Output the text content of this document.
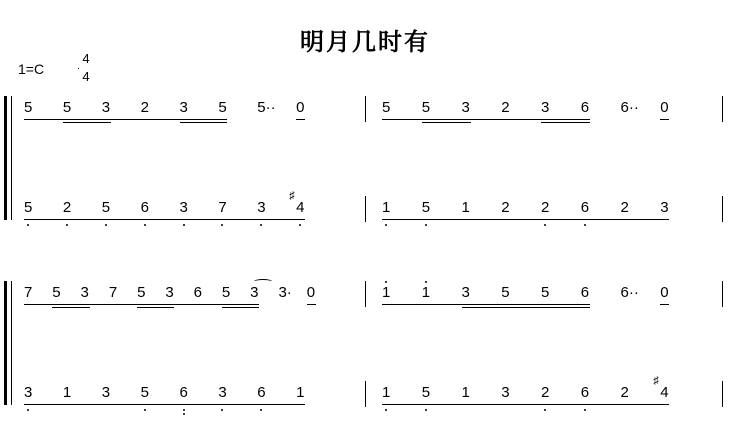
明月几时有
1=C
4
4
5 5 3 2 3 5 5·· 0	5 5 3 2 3 6 6·· 0
5 2 5 6 3 7 3 4
♯
1 5 1 2 2 6 2 3
7 5 3 7 5 3 6 5 3 3· 0	1 1 3 5 5 6 6·· 0
3 1 3 5 6 3 6 1	1 5 1 3 2 6 2 4
♯
